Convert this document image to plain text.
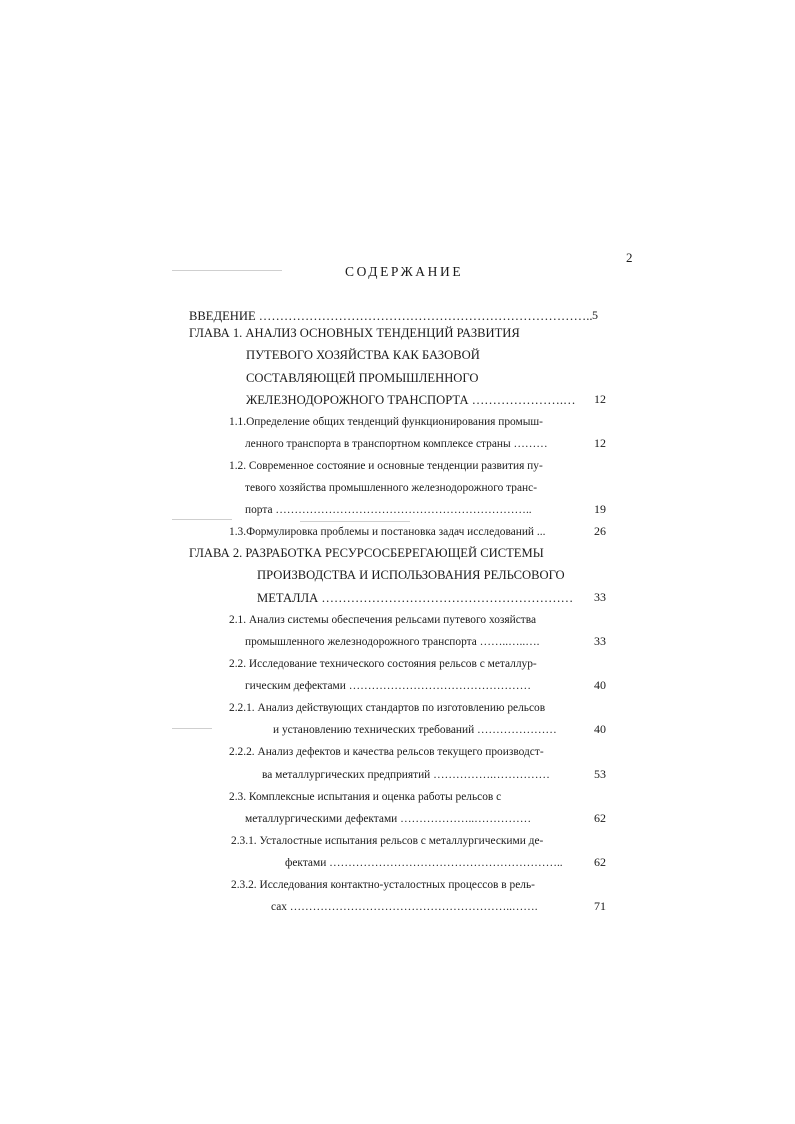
2
СОДЕРЖАНИЕ
ВВЕДЕНИЕ …………………………………………………………………….. 5
ГЛАВА 1. АНАЛИЗ ОСНОВНЫХ ТЕНДЕНЦИЙ РАЗВИТИЯ
ПУТЕВОГО ХОЗЯЙСТВА КАК БАЗОВОЙ
СОСТАВЛЯЮЩЕЙ ПРОМЫШЛЕННОГО
ЖЕЛЕЗНОДОРОЖНОГО ТРАНСПОРТА ………………….…	12
1.1.Определение общих тенденций функционирования промыш-
ленного транспорта в транспортном комплексе страны ………	12
1.2. Современное состояние и основные тенденции развития пу-
тевого хозяйства промышленного железнодорожного транс-
порта …………………………………………………………..	19
1.3.Формулировка проблемы и постановка задач исследований ...	26
ГЛАВА 2. РАЗРАБОТКА РЕСУРСОСБЕРЕГАЮЩЕЙ СИСТЕМЫ
ПРОИЗВОДСТВА И ИСПОЛЬЗОВАНИЯ РЕЛЬСОВОГО
МЕТАЛЛА ……………………………………………………	33
2.1. Анализ системы обеспечения рельсами путевого хозяйства
промышленного железнодорожного транспорта ……..…..….	33
2.2. Исследование технического состояния рельсов с металлур-
гическим дефектами …………………………………………	40
2.2.1. Анализ действующих стандартов по изготовлению рельсов
и установлению технических требований …………………	40
2.2.2. Анализ дефектов и качества рельсов текущего производст-
ва металлургических предприятий …………….……………	53
2.3. Комплексные испытания и оценка работы рельсов с
металлургическими дефектами ………………..……………	62
2.3.1. Усталостные испытания рельсов с металлургическими де-
фектами ……………………………………………………..	62
2.3.2. Исследования контактно-усталостных процессов в рель-
сах …………………………………………………..…….	71
